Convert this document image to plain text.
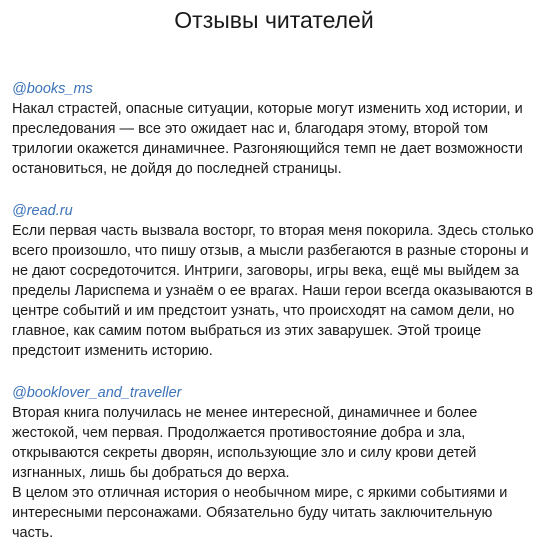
Отзывы читателей
@books_ms

Накал страстей, опасные ситуации, которые могут изменить ход истории, и преследования — все это ожидает нас и, благодаря этому, второй том трилогии окажется динамичнее. Разгоняющийся темп не дает возможности остановиться, не дойдя до последней страницы.

@read.ru

Если первая часть вызвала восторг, то вторая меня покорила. Здесь столько всего произошло, что пишу отзыв, а мысли разбегаются в разные стороны и не дают сосредоточится. Интриги, заговоры, игры века, ещё мы выйдем за пределы Лариспема и узнаём о ее врагах. Наши герои всегда оказываются в центре событий и им предстоит узнать, что происходят на самом дели, но главное, как самим потом выбраться из этих заварушек. Этой троице предстоит изменить историю.

@booklover_and_traveller

Вторая книга получилась не менее интересной, динамичнее и более жестокой, чем первая. Продолжается противостояние добра и зла, открываются секреты дворян, использующие зло и силу крови детей изгнанных, лишь бы добраться до верха.

В целом это отличная история о необычном мире, с яркими событиями и интересными персонажами. Обязательно буду читать заключительную часть.
